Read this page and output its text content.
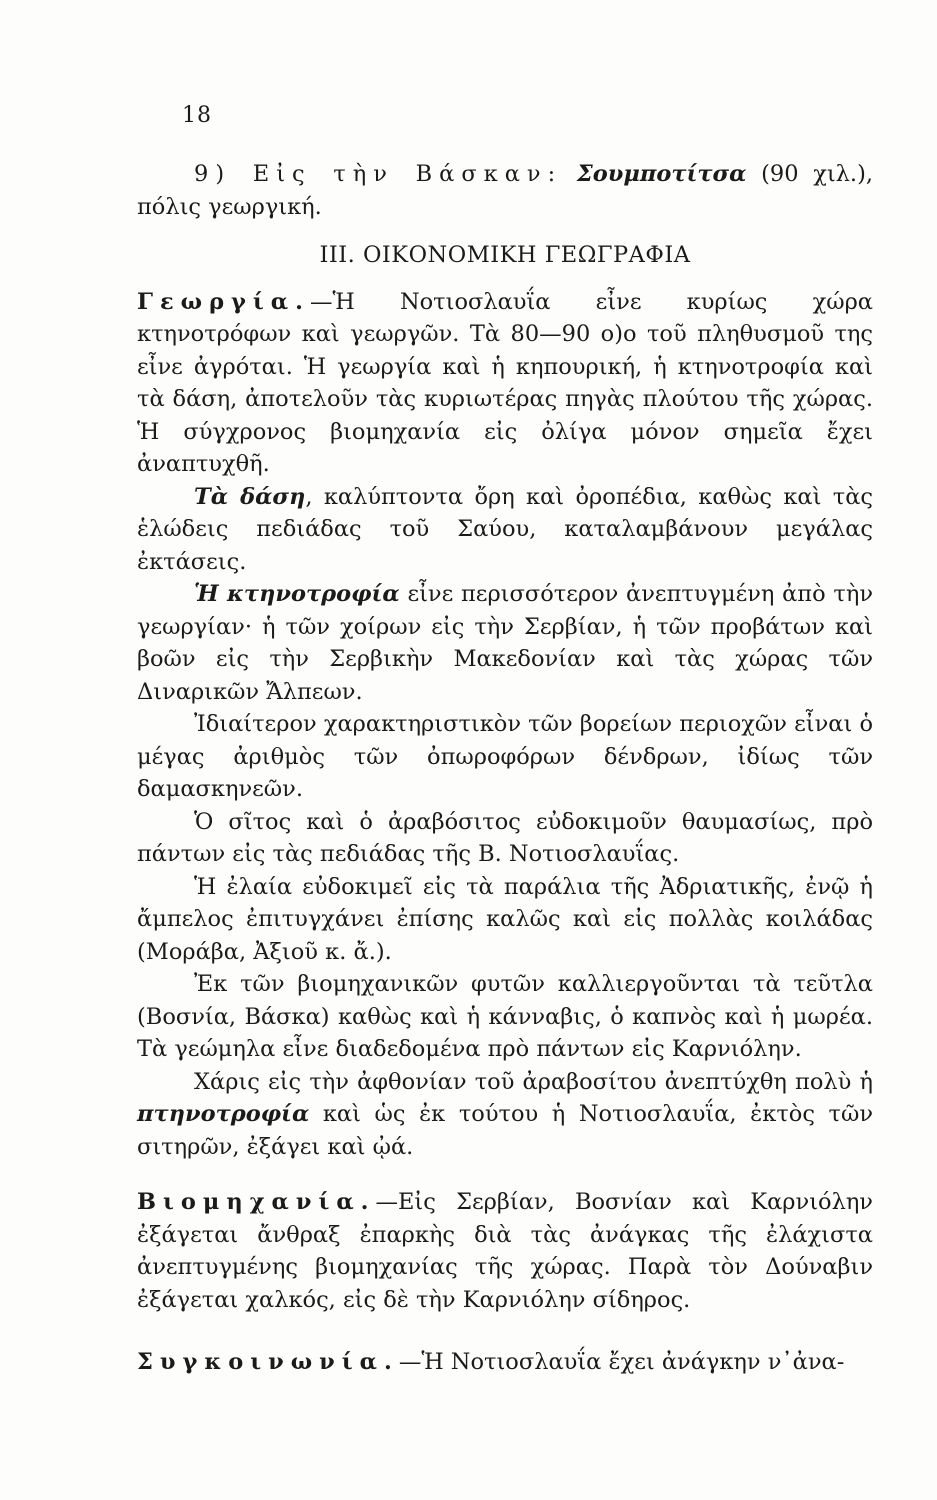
18

9) Εἰς τὴν Βάσκαν: Σουμποτίτσα (90 χιλ.), πόλις γεωργική.

III. ΟΙΚΟΝΟΜΙΚΗ ΓΕΩΓΡΑΦΙΑ

Γεωργία.—Ἡ Νοτιοσλαυΐα εἶνε κυρίως χώρα κτηνοτρόφων καὶ γεωργῶν. Τὰ 80—90 ο)ο τοῦ πληθυσμοῦ της εἶνε ἀγρόται. Ἡ γεωργία καὶ ἡ κηπουρική, ἡ κτηνοτροφία καὶ τὰ δάση, ἀποτελοῦν τὰς κυριωτέρας πηγὰς πλούτου τῆς χώρας. Ἡ σύγχρονος βιομηχανία εἰς ὀλίγα μόνον σημεῖα ἔχει ἀναπτυχθῆ.

Τὰ δάση, καλύπτοντα ὄρη καὶ ὀροπέδια, καθὼς καὶ τὰς ἑλώδεις πεδιάδας τοῦ Σαύου, καταλαμβάνουν μεγάλας ἐκτάσεις.

Ἡ κτηνοτροφία εἶνε περισσότερον ἀνεπτυγμένη ἀπὸ τὴν γεωργίαν· ἡ τῶν χοίρων εἰς τὴν Σερβίαν, ἡ τῶν προβάτων καὶ βοῶν εἰς τὴν Σερβικὴν Μακεδονίαν καὶ τὰς χώρας τῶν Διναρικῶν Ἄλπεων.

Ἰδιαίτερον χαρακτηριστικὸν τῶν βορείων περιοχῶν εἶναι ὁ μέγας ἀριθμὸς τῶν ὀπωροφόρων δένδρων, ἰδίως τῶν δαμασκηνεῶν.

Ὁ σῖτος καὶ ὁ ἀραβόσιτος εὐδοκιμοῦν θαυμασίως, πρὸ πάντων εἰς τὰς πεδιάδας τῆς Β. Νοτιοσλαυΐας.

Ἡ ἐλαία εὐδοκιμεῖ εἰς τὰ παράλια τῆς Ἀδριατικῆς, ἐνῷ ἡ ἄμπελος ἐπιτυγχάνει ἐπίσης καλῶς καὶ εἰς πολλὰς κοιλάδας (Μοράβα, Ἀξιοῦ κ. ἄ.).

Ἐκ τῶν βιομηχανικῶν φυτῶν καλλιεργοῦνται τὰ τεῦτλα (Βοσνία, Βάσκα) καθὼς καὶ ἡ κάνναβις, ὁ καπνὸς καὶ ἡ μωρέα. Τὰ γεώμηλα εἶνε διαδεδομένα πρὸ πάντων εἰς Καρνιόλην.

Χάρις εἰς τὴν ἀφθονίαν τοῦ ἀραβοσίτου ἀνεπτύχθη πολὺ ἡ πτηνοτροφία καὶ ὡς ἐκ τούτου ἡ Νοτιοσλαυΐα, ἐκτὸς τῶν σιτηρῶν, ἐξάγει καὶ ᾠά.

Βιομηχανία.—Εἰς Σερβίαν, Βοσνίαν καὶ Καρνιόλην ἐξάγεται ἄνθραξ ἐπαρκὴς διὰ τὰς ἀνάγκας τῆς ἐλάχιστα ἀνεπτυγμένης βιομηχανίας τῆς χώρας. Παρὰ τὸν Δούναβιν ἐξάγεται χαλκός, εἰς δὲ τὴν Καρνιόλην σίδηρος.

Συγκοινωνία.—Ἡ Νοτιοσλαυΐα ἔχει ἀνάγκην ν᾽ἀνα-
